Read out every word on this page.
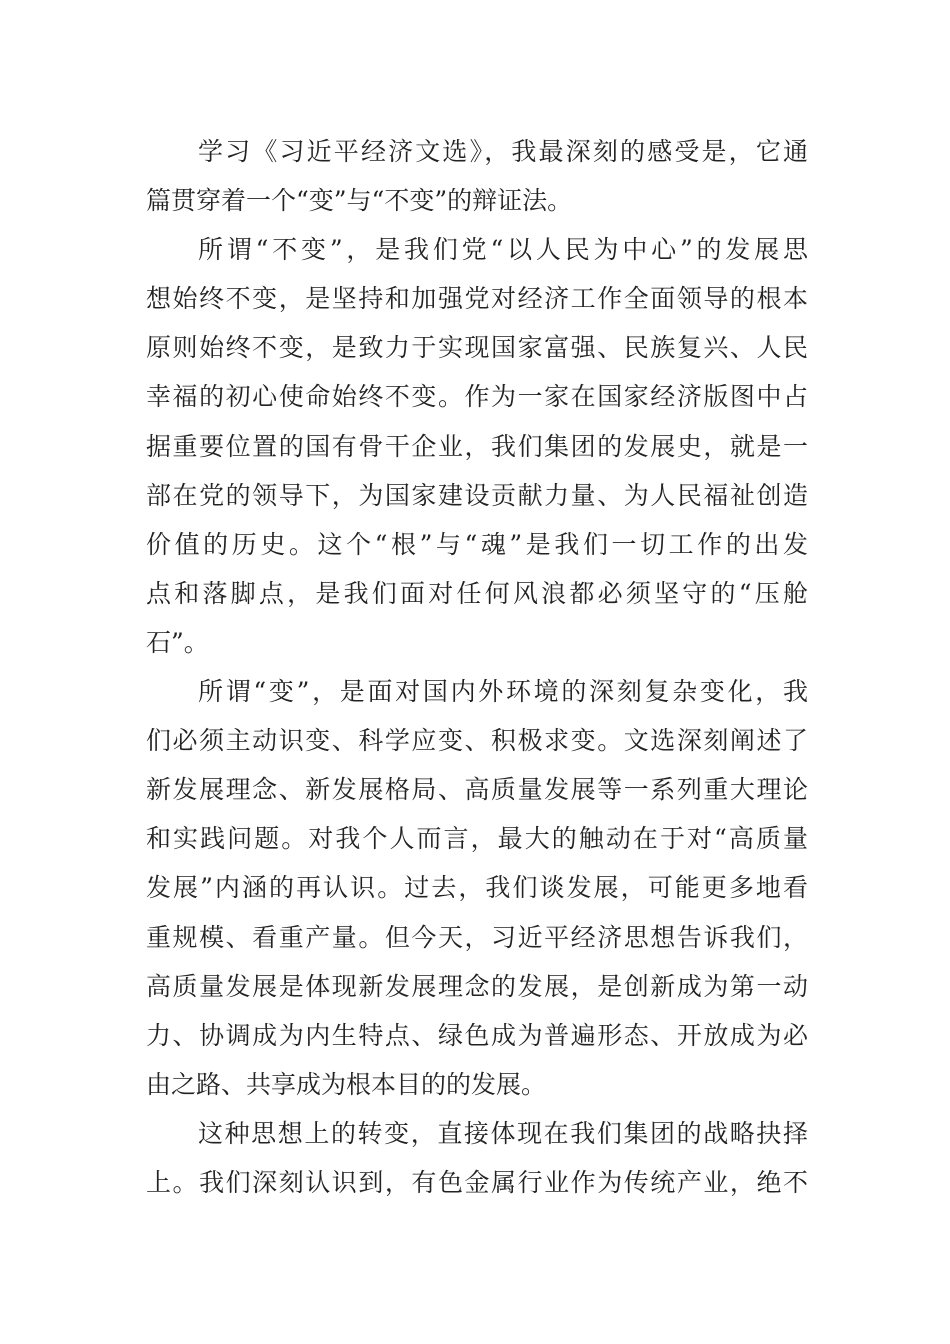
学习《习近平经济文选》，我最深刻的感受是，它通
篇贯穿着一个“变”与“不变”的辩证法。
所谓“不变”，是我们党“以人民为中心”的发展思
想始终不变，是坚持和加强党对经济工作全面领导的根本
原则始终不变，是致力于实现国家富强、民族复兴、人民
幸福的初心使命始终不变。作为一家在国家经济版图中占
据重要位置的国有骨干企业，我们集团的发展史，就是一
部在党的领导下，为国家建设贡献力量、为人民福祉创造
价值的历史。这个“根”与“魂”是我们一切工作的出发
点和落脚点，是我们面对任何风浪都必须坚守的“压舱
石”。
所谓“变”，是面对国内外环境的深刻复杂变化，我
们必须主动识变、科学应变、积极求变。文选深刻阐述了
新发展理念、新发展格局、高质量发展等一系列重大理论
和实践问题。对我个人而言，最大的触动在于对“高质量
发展”内涵的再认识。过去，我们谈发展，可能更多地看
重规模、看重产量。但今天，习近平经济思想告诉我们，
高质量发展是体现新发展理念的发展，是创新成为第一动
力、协调成为内生特点、绿色成为普遍形态、开放成为必
由之路、共享成为根本目的的发展。
这种思想上的转变，直接体现在我们集团的战略抉择
上。我们深刻认识到，有色金属行业作为传统产业，绝不
